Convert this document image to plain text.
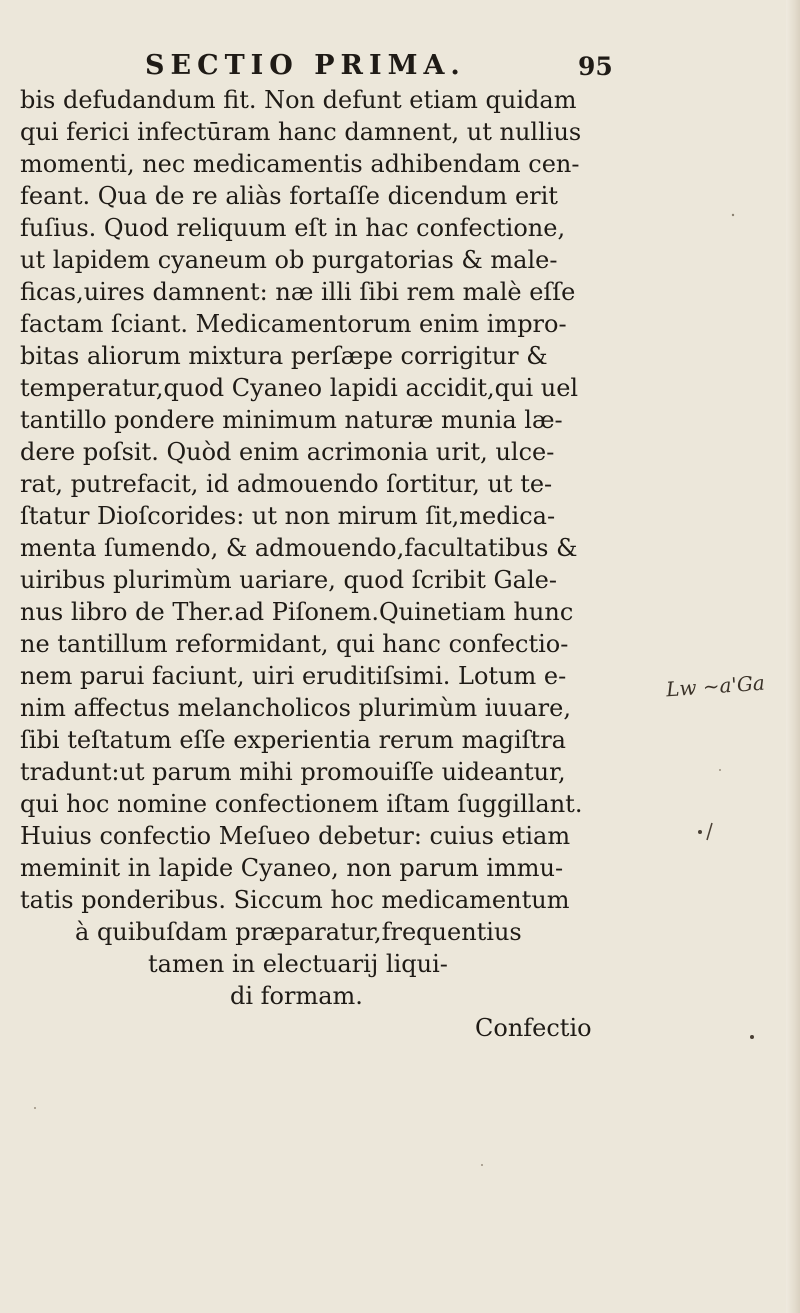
SECTIO PRIMA.	95
bis defudandum fit. Non defunt etiam quidam
qui ferici infectūram hanc damnent, ut nullius
momenti, nec medicamentis adhibendam cen-
feant. Qua de re aliàs fortaſſe dicendum erit
fuſius. Quod reliquum eſt in hac confectione,
ut lapidem cyaneum ob purgatorias & male-
ficas,uires damnent: næ illi ſibi rem malè eſſe
factam ſciant. Medicamentorum enim impro-
bitas aliorum mixtura perſæpe corrigitur &
temperatur,quod Cyaneo lapidi accidit,qui uel
tantillo pondere minimum naturæ munia læ-
dere poſsit. Quòd enim acrimonia urit, ulce-
rat, putrefacit, id admouendo ſortitur, ut te-
ſtatur Dioſcorides: ut non mirum ſit,medica-
menta ſumendo, & admouendo,facultatibus &
uiribus plurimùm uariare, quod ſcribit Gale-
nus libro de Ther.ad Piſonem.Quinetiam hunc
ne tantillum reformidant, qui hanc confectio-
nem parui faciunt, uiri eruditiſsimi. Lotum e-
nim affectus melancholicos plurimùm iuuare,
ſibi teſtatum eſſe experientia rerum magiſtra
tradunt:ut parum mihi promouiſſe uideantur,
qui hoc nomine confectionem iſtam ſuggillant.
Huius confectio Meſueo debetur: cuius etiam
meminit in lapide Cyaneo, non parum immu-
tatis ponderibus. Siccum hoc medicamentum
à quibuſdam præparatur,frequentius
tamen in electuarij liqui-
di formam.
Confectio
Lw ~a'Ga
